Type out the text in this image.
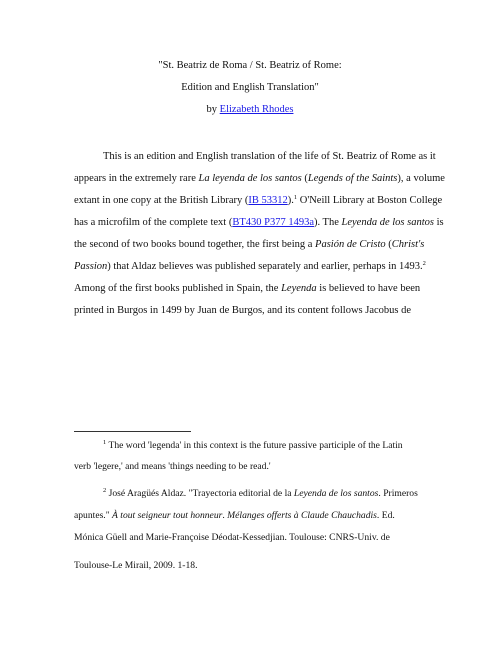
"St. Beatriz de Roma / St. Beatriz of Rome:
Edition and English Translation"
by Elizabeth Rhodes
This is an edition and English translation of the life of St. Beatriz of Rome as it
appears in the extremely rare La leyenda de los santos (Legends of the Saints), a volume
extant in one copy at the British Library (IB 53312).$^1$ O'Neill Library at Boston College
has a microfilm of the complete text (BT430 P377 1493a). The Leyenda de los santos is
the second of two books bound together, the first being a Pasión de Cristo (Christ's
Passion) that Aldaz believes was published separately and earlier, perhaps in 1493.$^2$
Among of the first books published in Spain, the Leyenda is believed to have been
printed in Burgos in 1499 by Juan de Burgos, and its content follows Jacobus de
$^1$ The word 'legenda' in this context is the future passive participle of the Latin
verb 'legere,' and means 'things needing to be read.'
$^2$ José Aragüés Aldaz. "Trayectoria editorial de la Leyenda de los santos. Primeros
apuntes." À tout seigneur tout honneur. Mélanges offerts à Claude Chauchadis. Ed.
Mónica Güell and Marie-Françoise Déodat-Kessedjian. Toulouse: CNRS-Univ. de
Toulouse-Le Mirail, 2009. 1-18.
